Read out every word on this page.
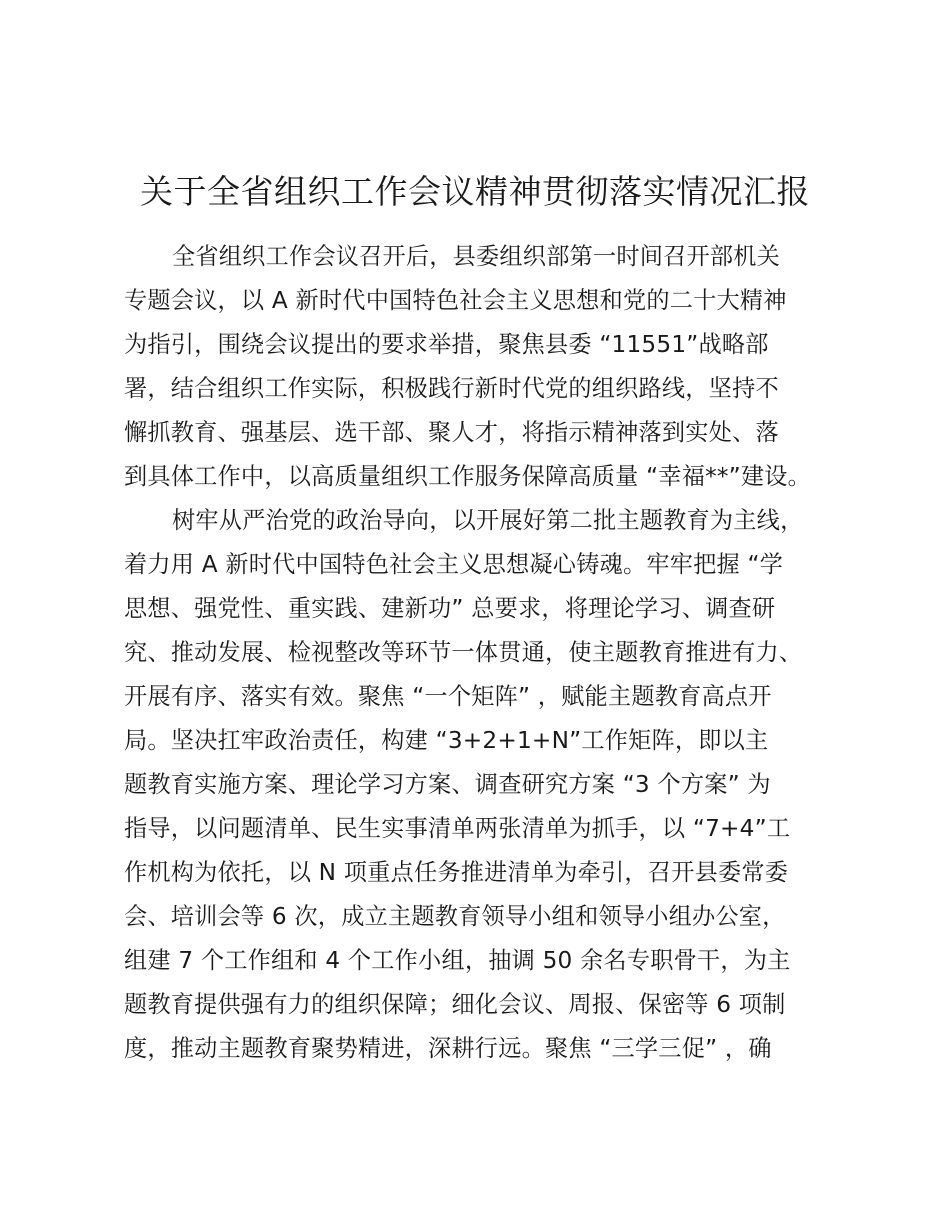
关于全省组织工作会议精神贯彻落实情况汇报
全省组织工作会议召开后，县委组织部第一时间召开部机关
专题会议，以 A 新时代中国特色社会主义思想和党的二十大精神
为指引，围绕会议提出的要求举措，聚焦县委 “11551”战略部
署，结合组织工作实际，积极践行新时代党的组织路线，坚持不
懈抓教育、强基层、选干部、聚人才，将指示精神落到实处、落
到具体工作中，以高质量组织工作服务保障高质量 “幸福**”建设。
树牢从严治党的政治导向，以开展好第二批主题教育为主线，
着力用 A 新时代中国特色社会主义思想凝心铸魂。牢牢把握 “学
思想、强党性、重实践、建新功” 总要求，将理论学习、调查研
究、推动发展、检视整改等环节一体贯通，使主题教育推进有力、
开展有序、落实有效。聚焦 “一个矩阵” ，赋能主题教育高点开
局。坚决扛牢政治责任，构建 “3+2+1+N”工作矩阵，即以主
题教育实施方案、理论学习方案、调查研究方案 “3 个方案” 为
指导，以问题清单、民生实事清单两张清单为抓手，以 “7+4”工
作机构为依托，以 N 项重点任务推进清单为牵引，召开县委常委
会、培训会等 6 次，成立主题教育领导小组和领导小组办公室，
组建 7 个工作组和 4 个工作小组，抽调 50 余名专职骨干，为主
题教育提供强有力的组织保障；细化会议、周报、保密等 6 项制
度，推动主题教育聚势精进，深耕行远。聚焦 “三学三促” ，确
